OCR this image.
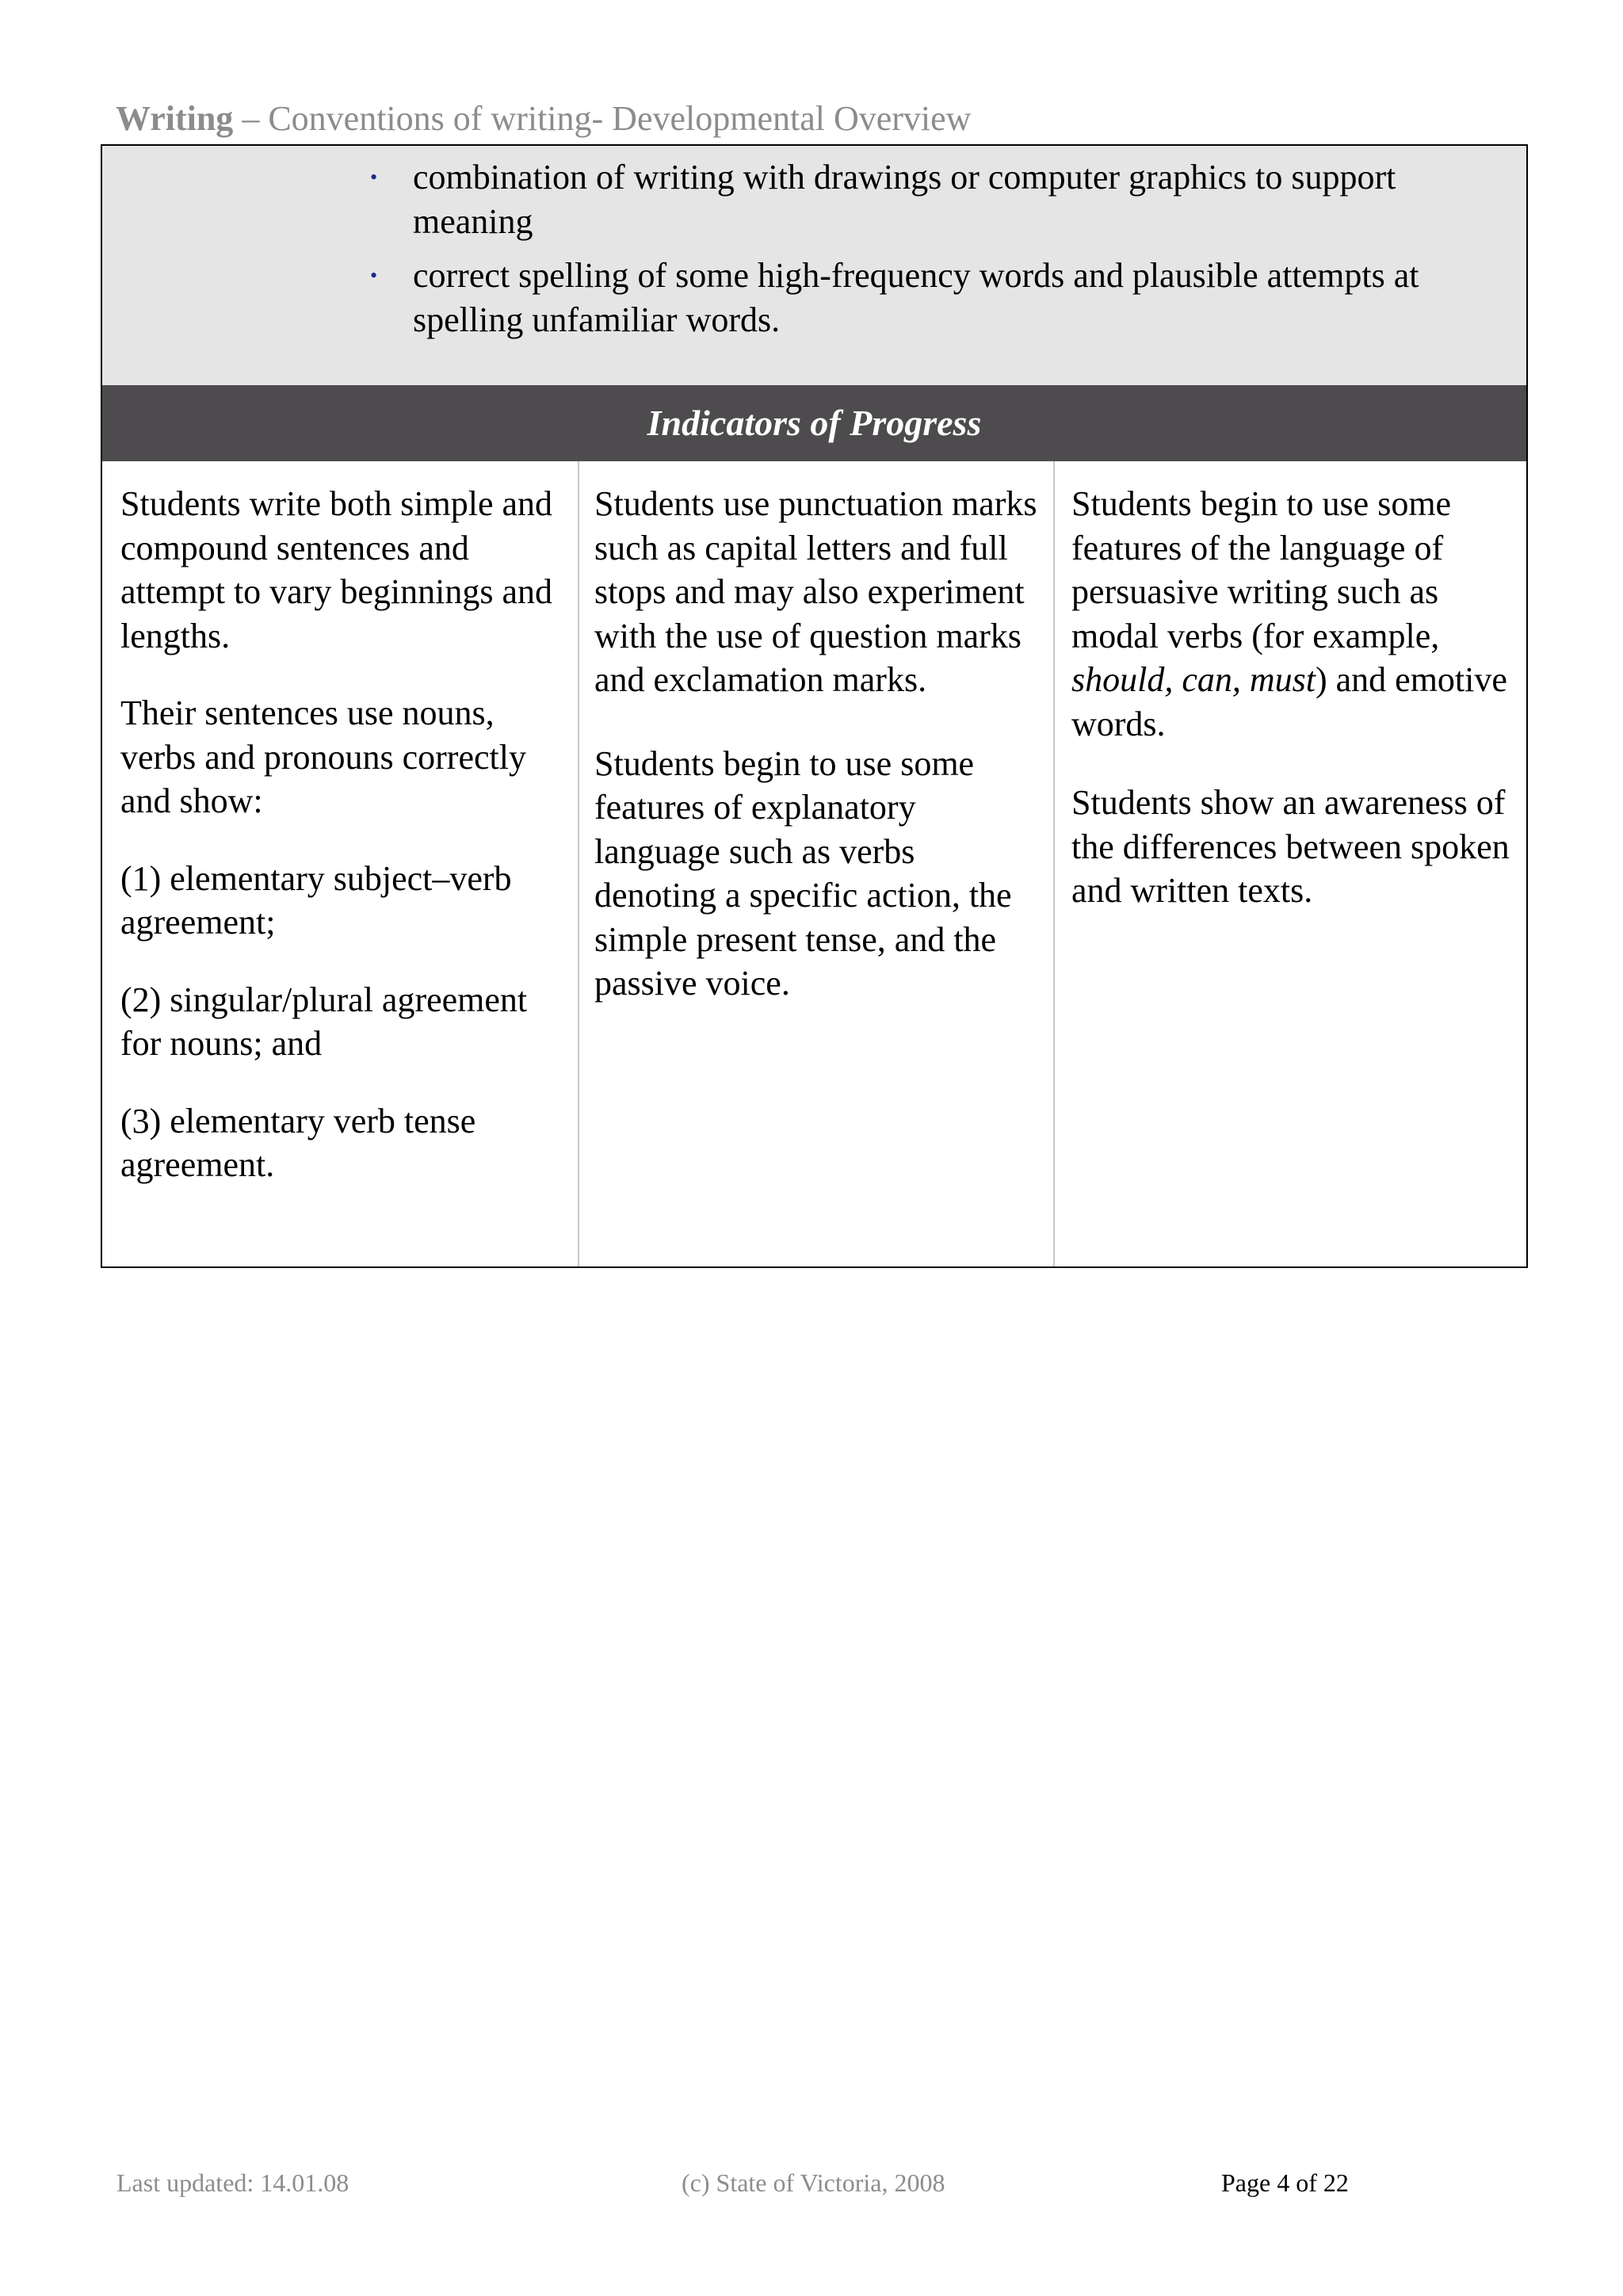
Writing – Conventions of writing- Developmental Overview
• combination of writing with drawings or computer graphics to support meaning
• correct spelling of some high-frequency words and plausible attempts at spelling unfamiliar words.
Indicators of Progress

Students write both simple and compound sentences and attempt to vary beginnings and lengths.

Their sentences use nouns, verbs and pronouns correctly and show:

(1) elementary subject–verb agreement;

(2) singular/plural agreement for nouns; and

(3) elementary verb tense agreement.

Students use punctuation marks such as capital letters and full stops and may also experiment with the use of question marks and exclamation marks.

Students begin to use some features of explanatory language such as verbs denoting a specific action, the simple present tense, and the passive voice.

Students begin to use some features of the language of persuasive writing such as modal verbs (for example, should, can, must) and emotive words.

Students show an awareness of the differences between spoken and written texts.

Last updated: 14.01.08	(c) State of Victoria, 2008	Page 4 of 22
